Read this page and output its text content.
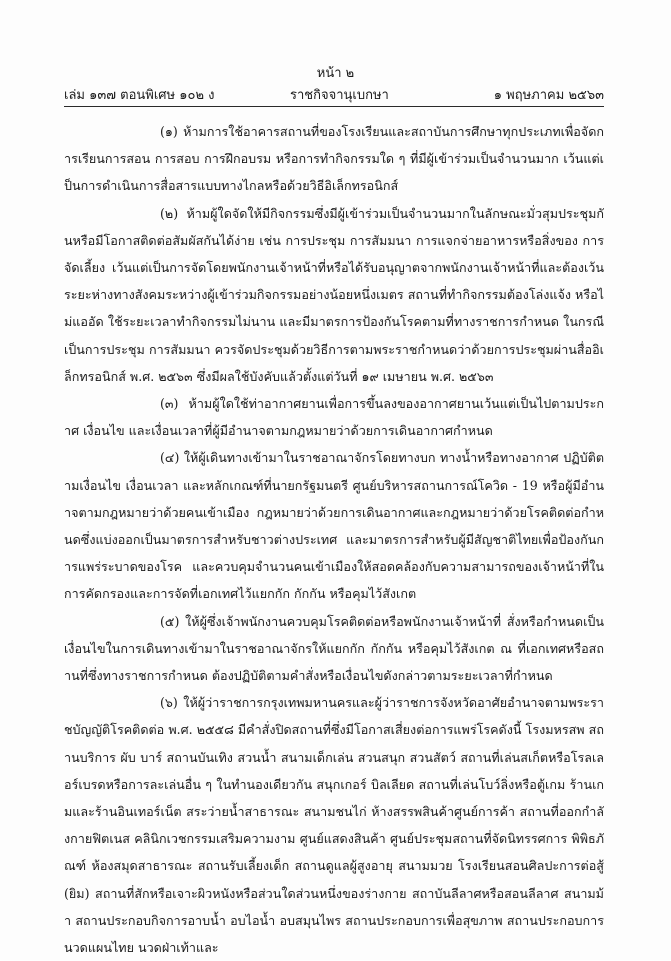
หน้า ๒
เล่ม ๑๓๗ ตอนพิเศษ ๑๐๒ ง	ราชกิจจานุเบกษา	๑ พฤษภาคม ๒๕๖๓

(๑) ห้ามการใช้อาคารสถานที่ของโรงเรียนและสถาบันการศึกษาทุกประเภทเพื่อจัดการเรียนการสอน การสอบ การฝึกอบรม หรือการทำกิจกรรมใด ๆ ที่มีผู้เข้าร่วมเป็นจำนวนมาก เว้นแต่เป็นการดำเนินการสื่อสารแบบทางไกลหรือด้วยวิธีอิเล็กทรอนิกส์

(๒) ห้ามผู้ใดจัดให้มีกิจกรรมซึ่งมีผู้เข้าร่วมเป็นจำนวนมากในลักษณะมั่วสุมประชุมกันหรือมีโอกาสติดต่อสัมผัสกันได้ง่าย เช่น การประชุม การสัมมนา การแจกจ่ายอาหารหรือสิ่งของ การจัดเลี้ยง เว้นแต่เป็นการจัดโดยพนักงานเจ้าหน้าที่หรือได้รับอนุญาตจากพนักงานเจ้าหน้าที่และต้องเว้นระยะห่างทางสังคมระหว่างผู้เข้าร่วมกิจกรรมอย่างน้อยหนึ่งเมตร สถานที่ทำกิจกรรมต้องโล่งแจ้ง หรือไม่แออัด ใช้ระยะเวลาทำกิจกรรมไม่นาน และมีมาตรการป้องกันโรคตามที่ทางราชการกำหนด ในกรณีเป็นการประชุม การสัมมนา ควรจัดประชุมด้วยวิธีการตามพระราชกำหนดว่าด้วยการประชุมผ่านสื่ออิเล็กทรอนิกส์ พ.ศ. ๒๕๖๓ ซึ่งมีผลใช้บังคับแล้วตั้งแต่วันที่ ๑๙ เมษายน พ.ศ. ๒๕๖๓

(๓) ห้ามผู้ใดใช้ท่าอากาศยานเพื่อการขึ้นลงของอากาศยานเว้นแต่เป็นไปตามประกาศ เงื่อนไข และเงื่อนเวลาที่ผู้มีอำนาจตามกฎหมายว่าด้วยการเดินอากาศกำหนด

(๔) ให้ผู้เดินทางเข้ามาในราชอาณาจักรโดยทางบก ทางน้ำหรือทางอากาศ ปฏิบัติตามเงื่อนไข เงื่อนเวลา และหลักเกณฑ์ที่นายกรัฐมนตรี ศูนย์บริหารสถานการณ์โควิด - 19 หรือผู้มีอำนาจตามกฎหมายว่าด้วยคนเข้าเมือง กฎหมายว่าด้วยการเดินอากาศและกฎหมายว่าด้วยโรคติดต่อกำหนดซึ่งแบ่งออกเป็นมาตรการสำหรับชาวต่างประเทศ และมาตรการสำหรับผู้มีสัญชาติไทยเพื่อป้องกันการแพร่ระบาดของโรค และควบคุมจำนวนคนเข้าเมืองให้สอดคล้องกับความสามารถของเจ้าหน้าที่ในการคัดกรองและการจัดที่เอกเทศไว้แยกกัก กักกัน หรือคุมไว้สังเกต

(๕) ให้ผู้ซึ่งเจ้าพนักงานควบคุมโรคติดต่อหรือพนักงานเจ้าหน้าที่ สั่งหรือกำหนดเป็นเงื่อนไขในการเดินทางเข้ามาในราชอาณาจักรให้แยกกัก กักกัน หรือคุมไว้สังเกต ณ ที่เอกเทศหรือสถานที่ซึ่งทางราชการกำหนด ต้องปฏิบัติตามคำสั่งหรือเงื่อนไขดังกล่าวตามระยะเวลาที่กำหนด

(๖) ให้ผู้ว่าราชการกรุงเทพมหานครและผู้ว่าราชการจังหวัดอาศัยอำนาจตามพระราชบัญญัติโรคติดต่อ พ.ศ. ๒๕๕๘ มีคำสั่งปิดสถานที่ซึ่งมีโอกาสเสี่ยงต่อการแพร่โรคดังนี้ โรงมหรสพ สถานบริการ ผับ บาร์ สถานบันเทิง สวนน้ำ สนามเด็กเล่น สวนสนุก สวนสัตว์ สถานที่เล่นสเก็ตหรือโรลเลอร์เบรดหรือการละเล่นอื่น ๆ ในทำนองเดียวกัน สนุกเกอร์ บิลเลียด สถานที่เล่นโบว์ลิ่งหรือตู้เกม ร้านเกมและร้านอินเทอร์เน็ต สระว่ายน้ำสาธารณะ สนามชนไก่ ห้างสรรพสินค้าศูนย์การค้า สถานที่ออกกำลังกายฟิตเนส คลินิกเวชกรรมเสริมความงาม ศูนย์แสดงสินค้า ศูนย์ประชุมสถานที่จัดนิทรรศการ พิพิธภัณฑ์ ห้องสมุดสาธารณะ สถานรับเลี้ยงเด็ก สถานดูแลผู้สูงอายุ สนามมวย โรงเรียนสอนศิลปะการต่อสู้ (ยิม) สถานที่สักหรือเจาะผิวหนังหรือส่วนใดส่วนหนึ่งของร่างกาย สถาบันลีลาศหรือสอนลีลาศ สนามม้า สถานประกอบกิจการอาบน้ำ อบไอน้ำ อบสมุนไพร สถานประกอบการเพื่อสุขภาพ สถานประกอบการนวดแผนไทย นวดฝ่าเท้าและ
